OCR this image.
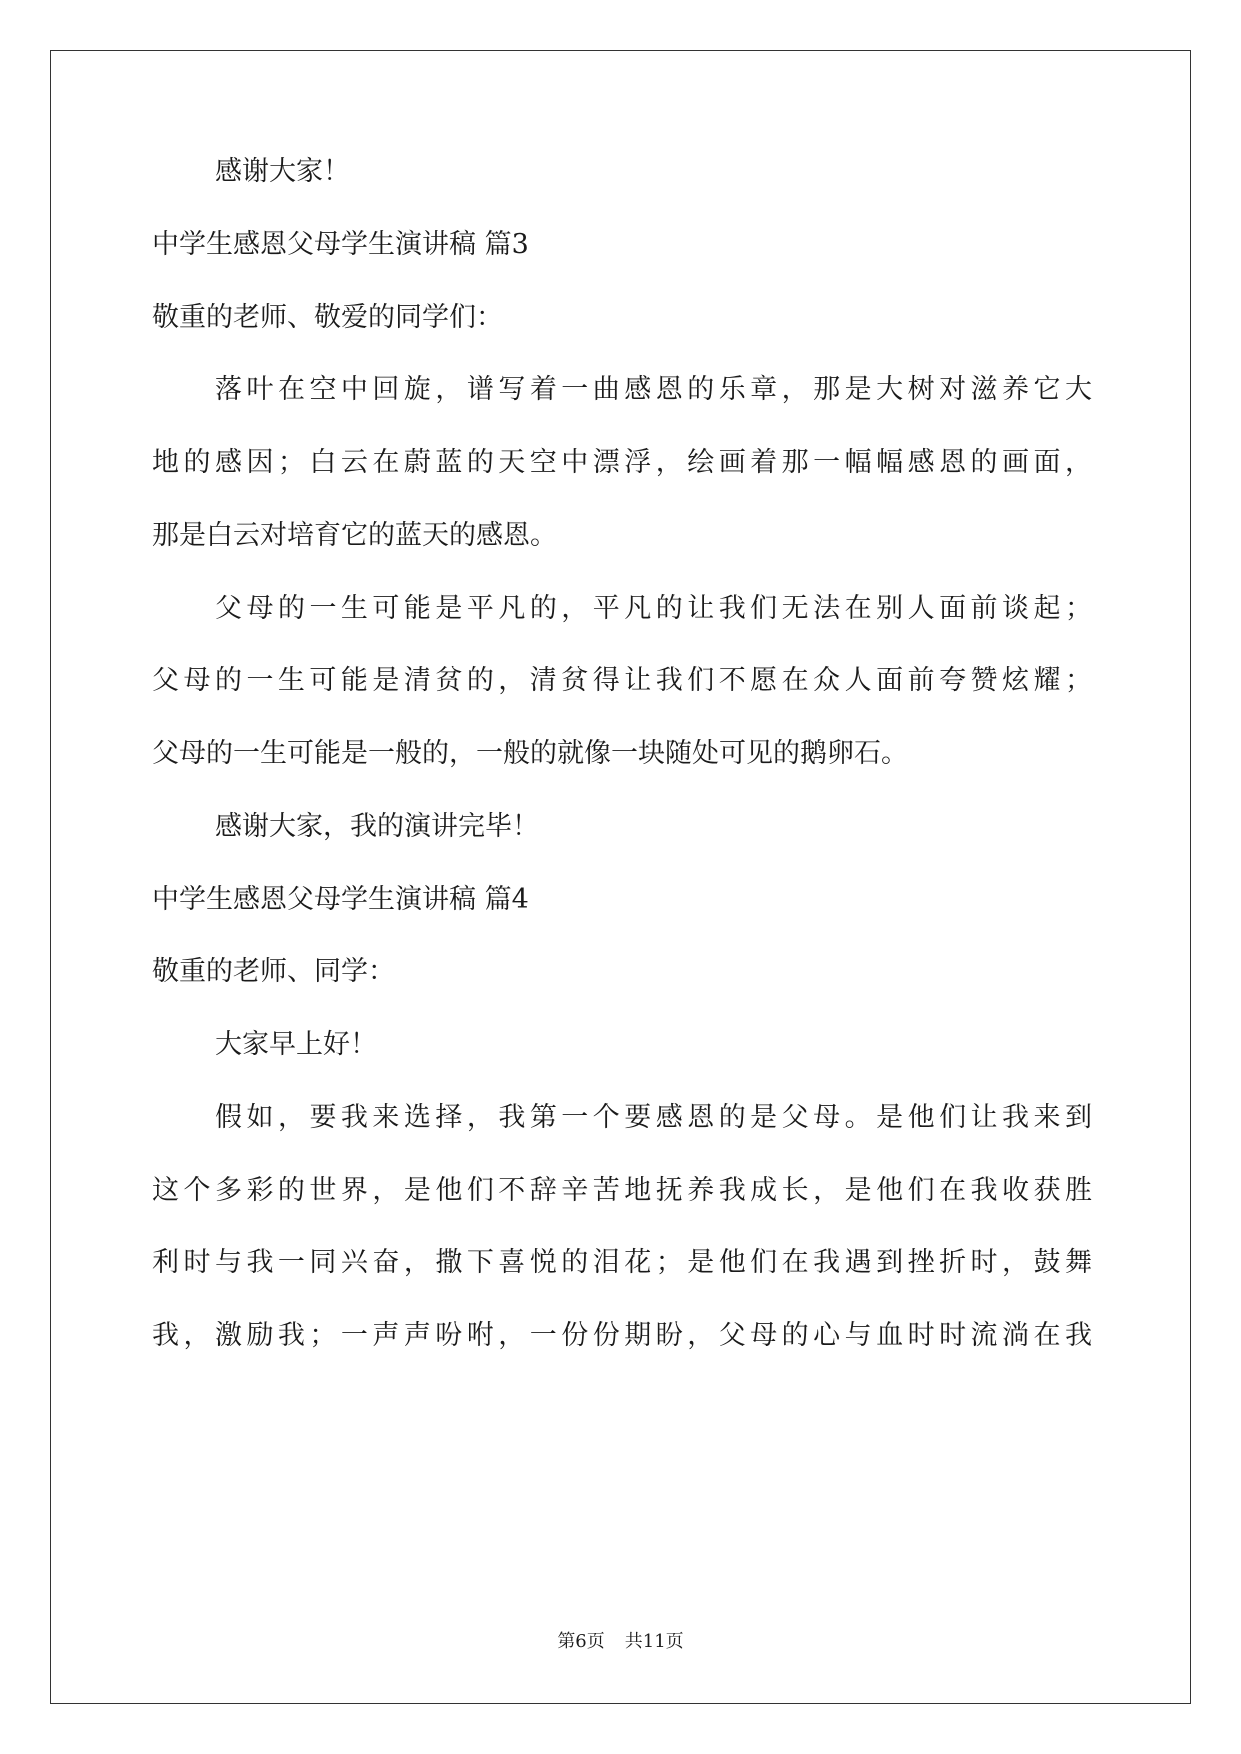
感谢大家！
中学生感恩父母学生演讲稿 篇3
敬重的老师、敬爱的同学们：
落叶在空中回旋，谱写着一曲感恩的乐章，那是大树对滋养它大
地的感因；白云在蔚蓝的天空中漂浮，绘画着那一幅幅感恩的画面，
那是白云对培育它的蓝天的感恩。
父母的一生可能是平凡的，平凡的让我们无法在别人面前谈起；
父母的一生可能是清贫的，清贫得让我们不愿在众人面前夸赞炫耀；
父母的一生可能是一般的，一般的就像一块随处可见的鹅卵石。
感谢大家，我的演讲完毕！
中学生感恩父母学生演讲稿 篇4
敬重的老师、同学：
大家早上好！
假如，要我来选择，我第一个要感恩的是父母。是他们让我来到
这个多彩的世界，是他们不辞辛苦地抚养我成长，是他们在我收获胜
利时与我一同兴奋，撒下喜悦的泪花；是他们在我遇到挫折时，鼓舞
我，激励我；一声声吩咐，一份份期盼，父母的心与血时时流淌在我
第6页 共11页
